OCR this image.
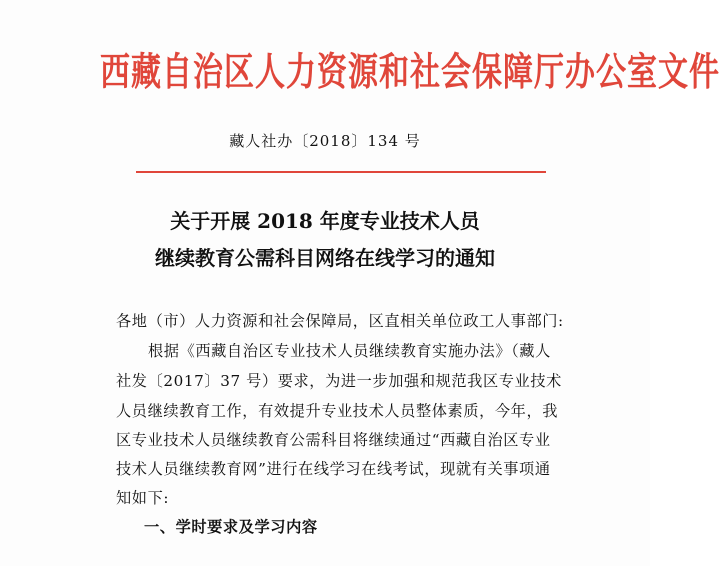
西藏自治区人力资源和社会保障厅办公室文件
藏人社办〔2018〕134 号
关于开展 2018 年度专业技术人员
继续教育公需科目网络在线学习的通知
各地（市）人力资源和社会保障局，区直相关单位政工人事部门:
根据《西藏自治区专业技术人员继续教育实施办法》（藏人
社发〔2017〕37 号）要求，为进一步加强和规范我区专业技术
人员继续教育工作，有效提升专业技术人员整体素质，今年，我
区专业技术人员继续教育公需科目将继续通过“西藏自治区专业
技术人员继续教育网”进行在线学习在线考试，现就有关事项通
知如下:
一、学时要求及学习内容
